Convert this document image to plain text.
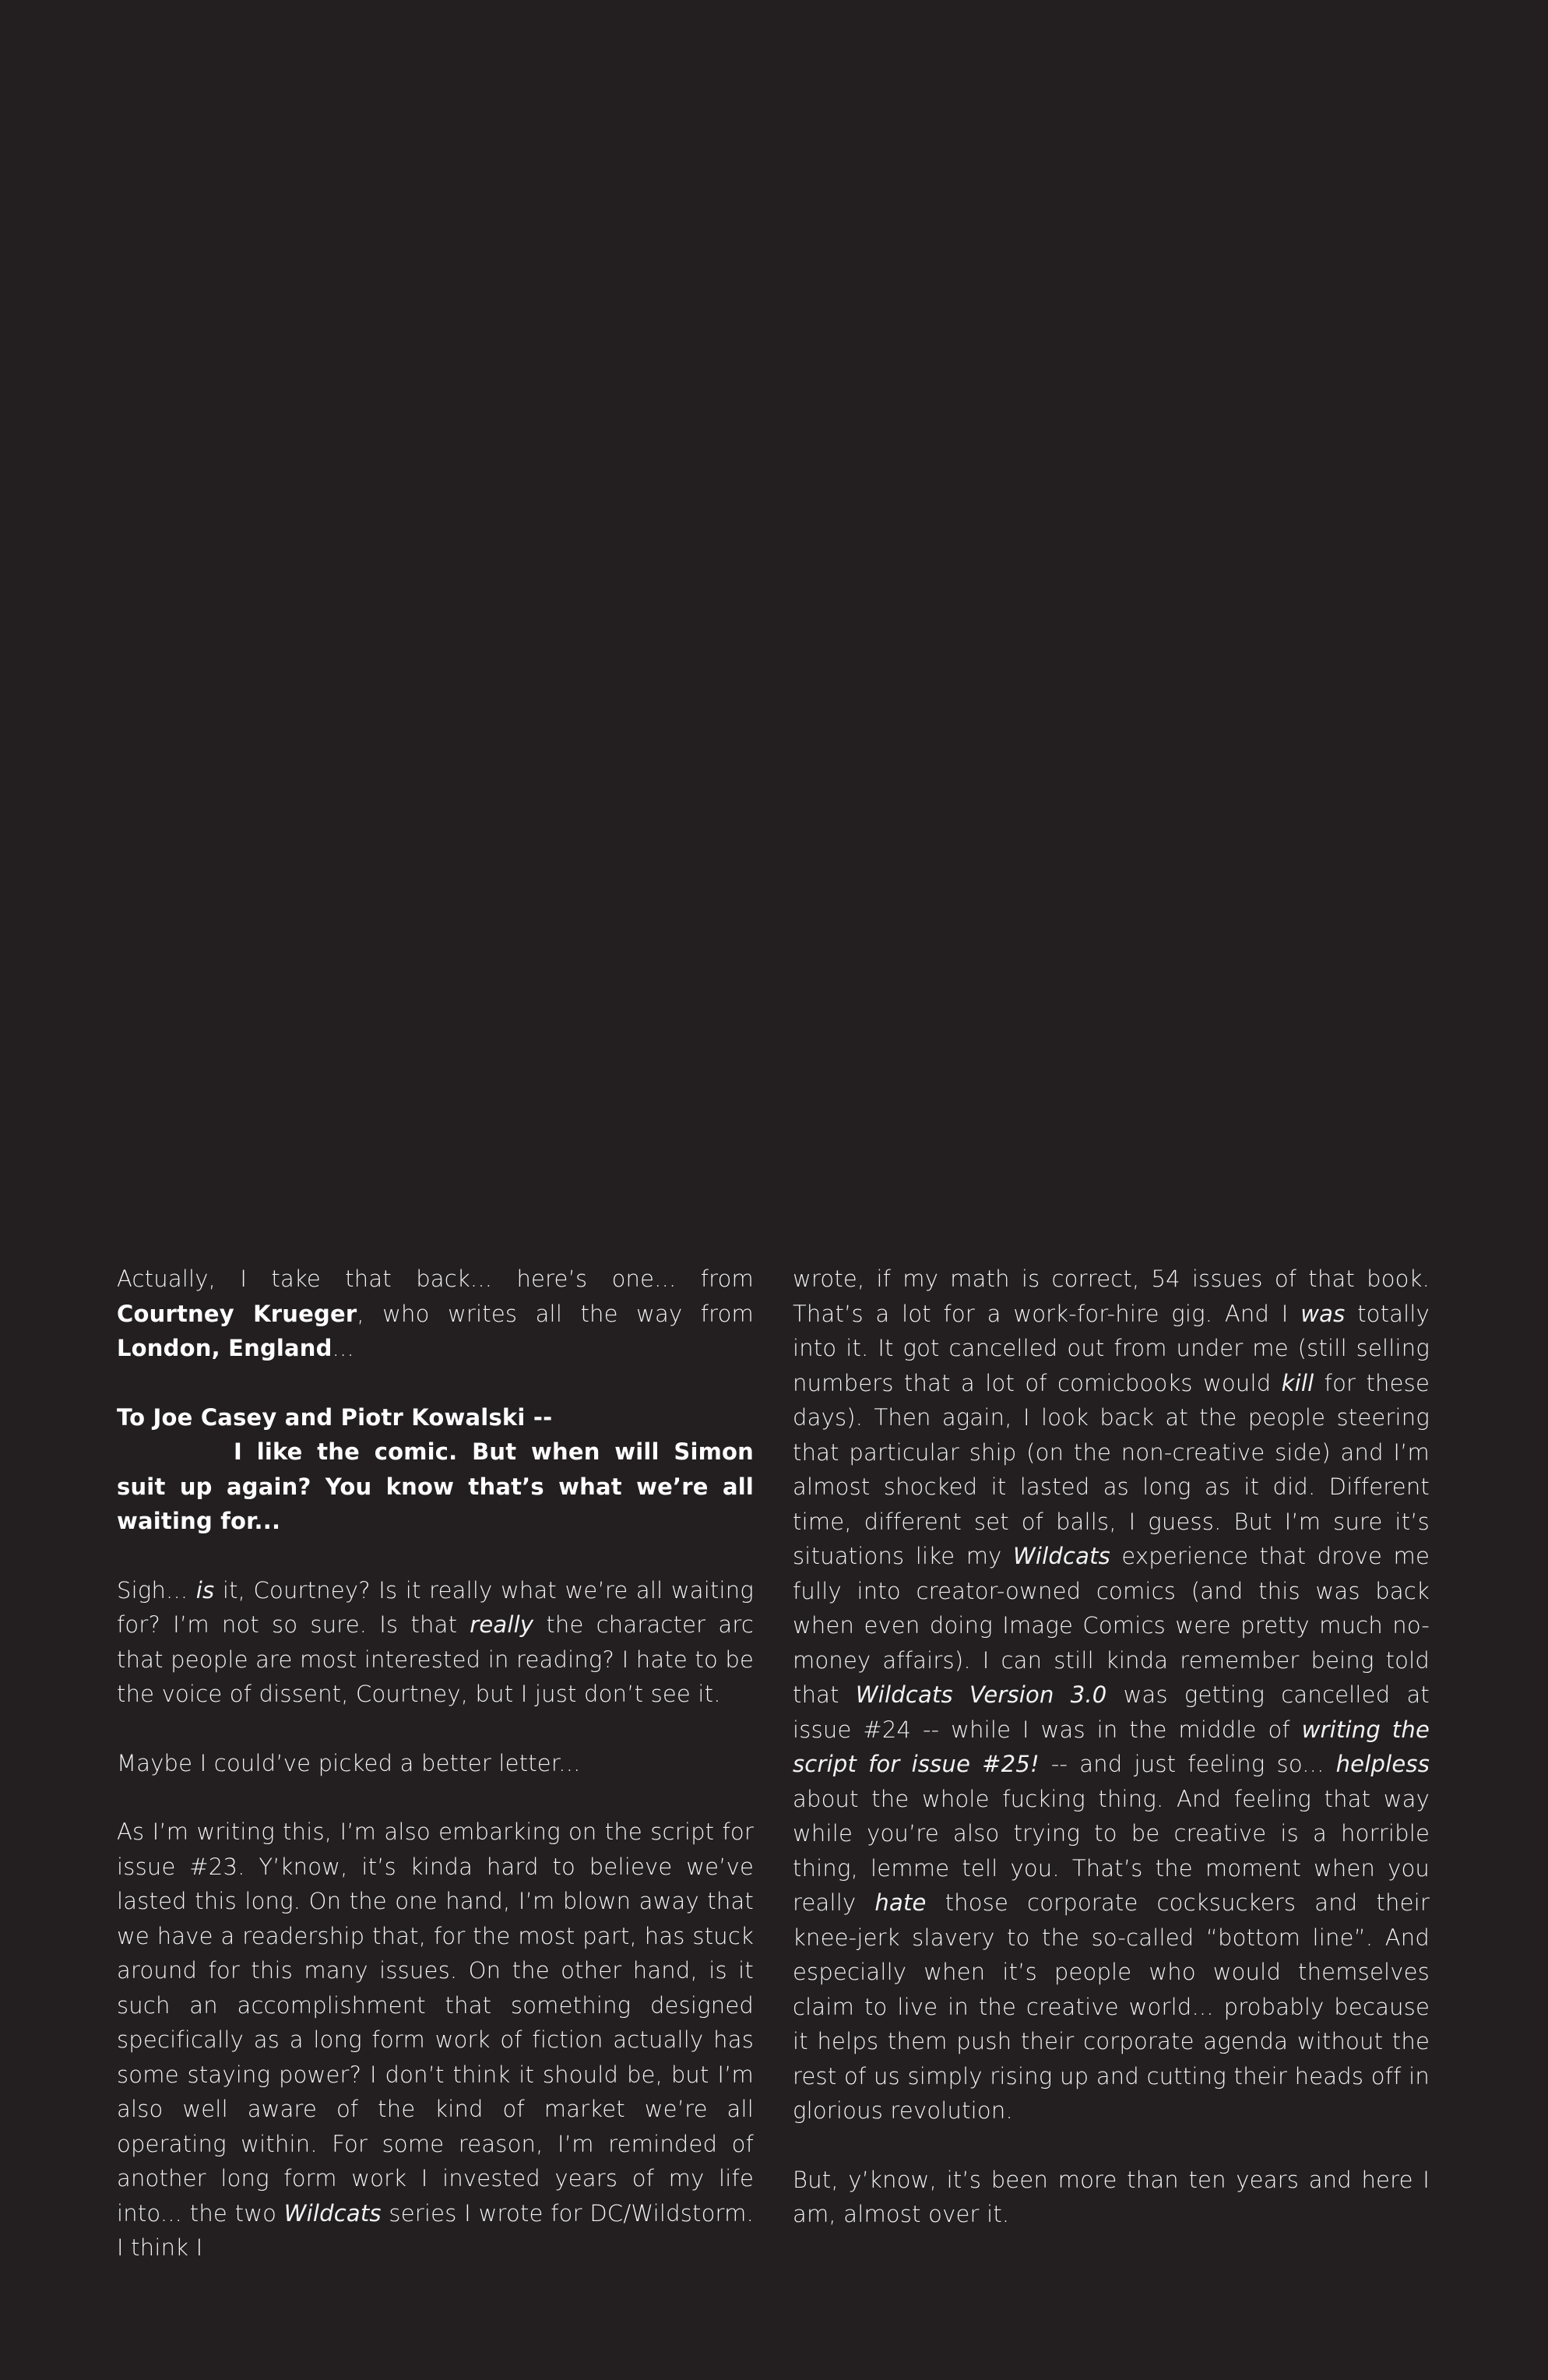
Actually, I take that back... here’s one... from Courtney Krueger, who writes all the way from London, England...

To Joe Casey and Piotr Kowalski --

I like the comic. But when will Simon suit up again? You know that’s what we’re all waiting for...

Sigh... is it, Courtney? Is it really what we’re all waiting for? I’m not so sure. Is that really the character arc that people are most interested in reading? I hate to be the voice of dissent, Courtney, but I just don’t see it.

Maybe I could’ve picked a better letter...

As I’m writing this, I’m also embarking on the script for issue #23. Y’know, it’s kinda hard to believe we’ve lasted this long. On the one hand, I’m blown away that we have a readership that, for the most part, has stuck around for this many issues. On the other hand, is it such an accomplishment that something designed specifically as a long form work of fiction actually has some staying power? I don’t think it should be, but I’m also well aware of the kind of market we’re all operating within. For some reason, I’m reminded of another long form work I invested years of my life into... the two Wildcats series I wrote for DC/Wildstorm. I think I

wrote, if my math is correct, 54 issues of that book. That’s a lot for a work-for-hire gig. And I was totally into it. It got cancelled out from under me (still selling numbers that a lot of comicbooks would kill for these days). Then again, I look back at the people steering that particular ship (on the non-creative side) and I’m almost shocked it lasted as long as it did. Different time, different set of balls, I guess. But I’m sure it’s situations like my Wildcats experience that drove me fully into creator-owned comics (and this was back when even doing Image Comics were pretty much no-money affairs). I can still kinda remember being told that Wildcats Version 3.0 was getting cancelled at issue #24 -- while I was in the middle of writing the script for issue #25! -- and just feeling so... helpless about the whole fucking thing. And feeling that way while you’re also trying to be creative is a horrible thing, lemme tell you. That’s the moment when you really hate those corporate cocksuckers and their knee-jerk slavery to the so-called “bottom line”. And especially when it’s people who would themselves claim to live in the creative world... probably because it helps them push their corporate agenda without the rest of us simply rising up and cutting their heads off in glorious revolution.

But, y’know, it’s been more than ten years and here I am, almost over it.
